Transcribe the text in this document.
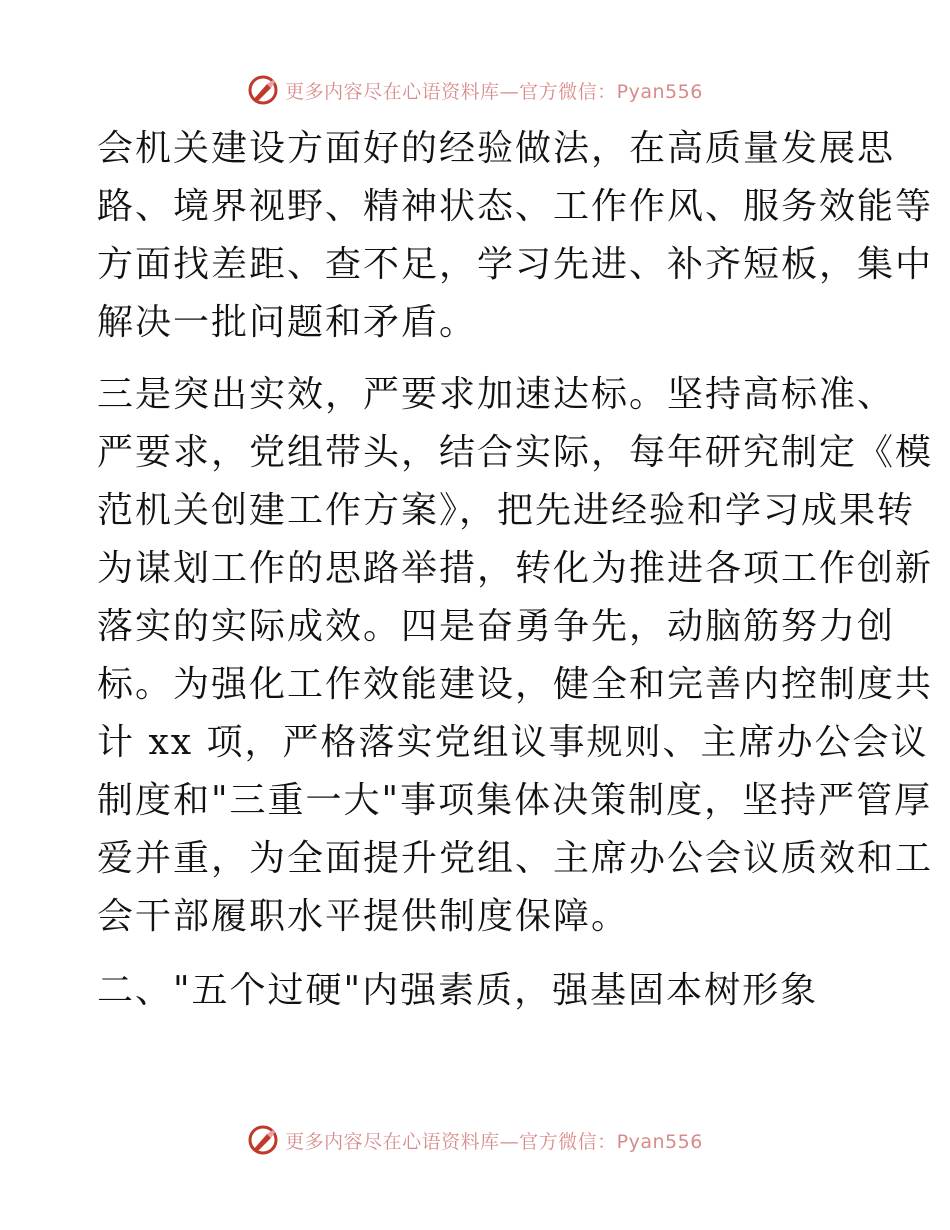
更多内容尽在心语资料库—官方微信：Pyan556
会机关建设方面好的经验做法，在高质量发展思
路、境界视野、精神状态、工作作风、服务效能等
方面找差距、查不足，学习先进、补齐短板，集中
解决一批问题和矛盾。
三是突出实效，严要求加速达标。坚持高标准、
严要求，党组带头，结合实际，每年研究制定《模
范机关创建工作方案》，把先进经验和学习成果转
为谋划工作的思路举措，转化为推进各项工作创新
落实的实际成效。四是奋勇争先，动脑筋努力创
标。为强化工作效能建设，健全和完善内控制度共
计 xx 项，严格落实党组议事规则、主席办公会议
制度和"三重一大"事项集体决策制度，坚持严管厚
爱并重，为全面提升党组、主席办公会议质效和工
会干部履职水平提供制度保障。
二、"五个过硬"内强素质，强基固本树形象
更多内容尽在心语资料库—官方微信：Pyan556
